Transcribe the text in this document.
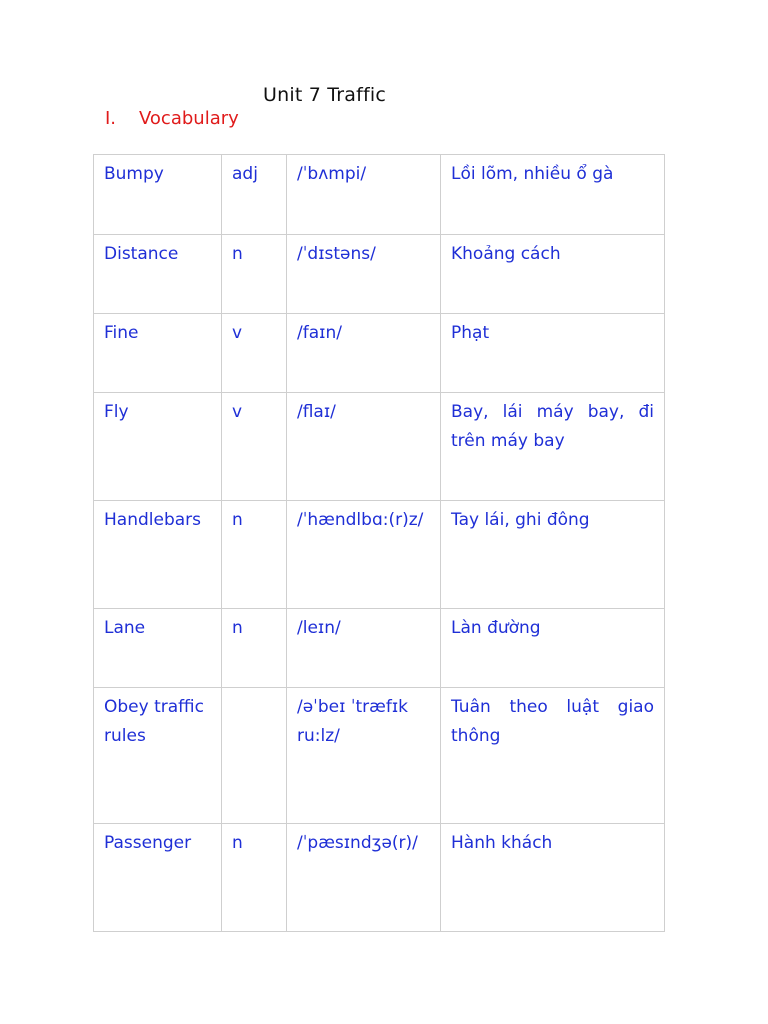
Unit 7 Traffic
I.	Vocabulary
Bumpy	adj	/ˈbʌmpi/	Lồi lõm, nhiều ổ gà
Distance	n	/ˈdɪstəns/	Khoảng cách
Fine	v	/faɪn/	Phạt
Fly	v	/flaɪ/	Bay, lái máy bay, đi trên máy bay
Handlebars	n	/ˈhændlbɑ:(r)z/	Tay lái, ghi đông
Lane	n	/leɪn/	Làn đường
Obey traffic rules		/əˈbeɪ ˈtræfɪk ru:lz/	Tuân theo luật giao thông
Passenger	n	/ˈpæsɪndʒə(r)/	Hành khách
